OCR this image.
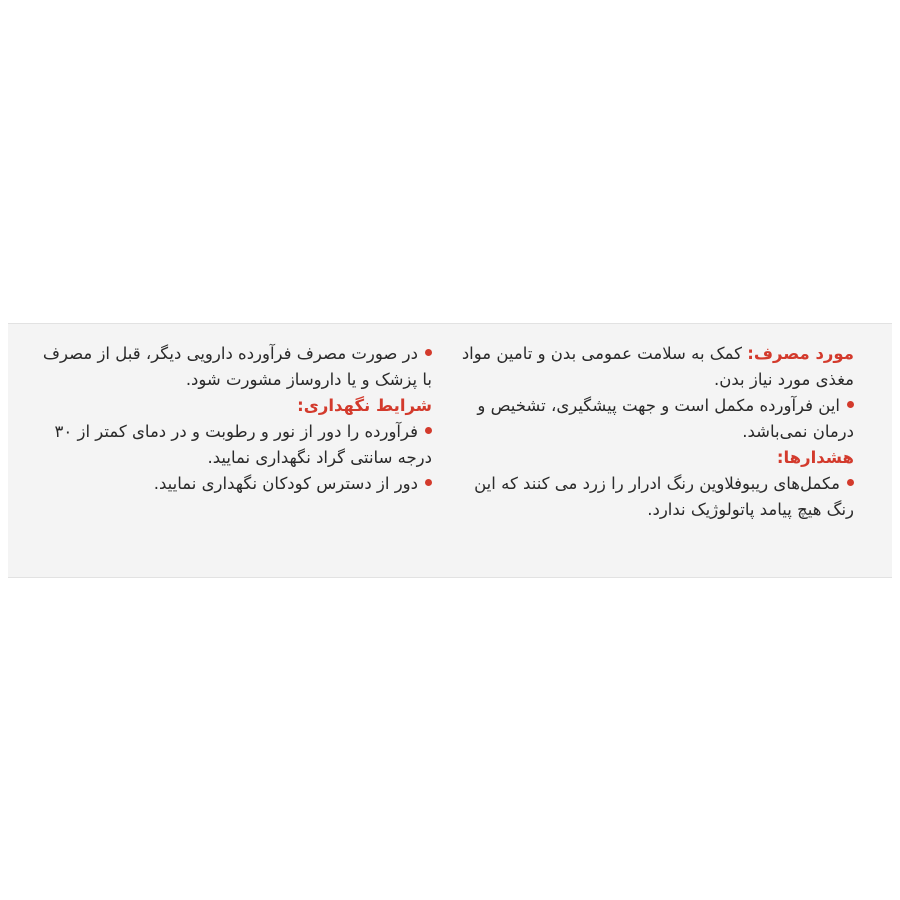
مورد مصرف: کمک به سلامت عمومی بدن و تامین مواد مغذی مورد نیاز بدن.

این فرآورده مکمل است و جهت پیشگیری، تشخیص و درمان نمی‌باشد.

هشدارها:

مکمل‌های ریبوفلاوین رنگ ادرار را زرد می کنند که این رنگ هیچ پیامد پاتولوژیک ندارد.

در صورت مصرف فرآورده دارویی دیگر، قبل از مصرف با پزشک و یا داروساز مشورت شود.

شرایط نگهداری:

فرآورده را دور از نور و رطوبت و در دمای کمتر از ۳۰ درجه سانتی گراد نگهداری نمایید.

دور از دسترس کودکان نگهداری نمایید.
